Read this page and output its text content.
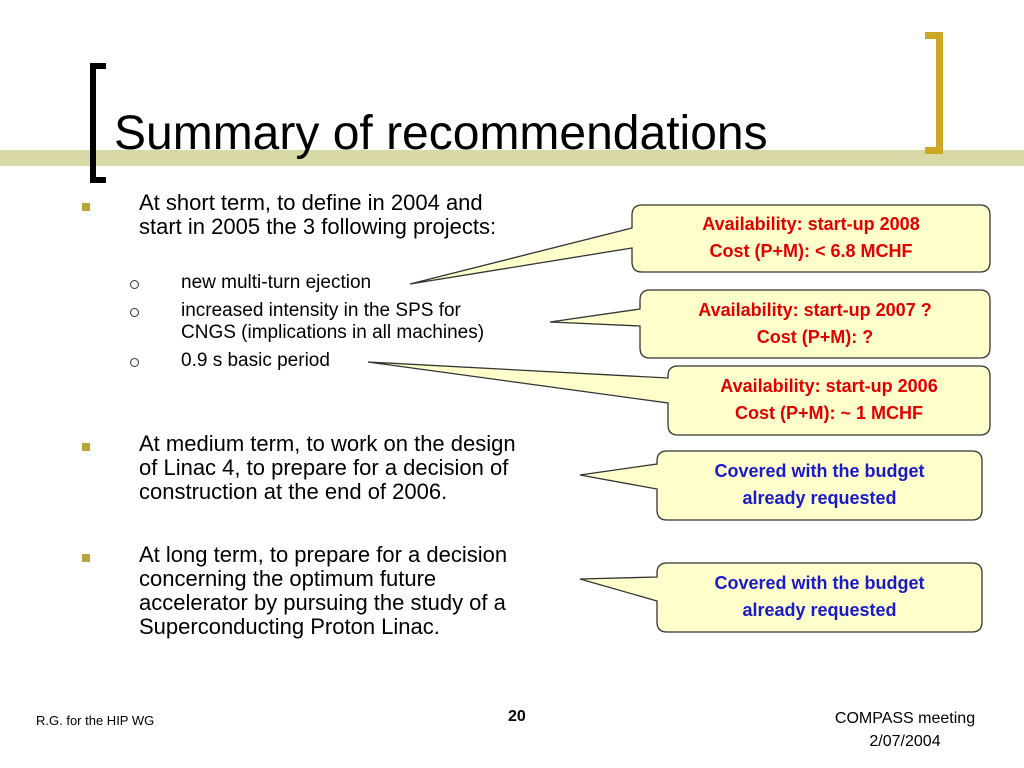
Summary of recommendations
At short term, to define in 2004 and
start in 2005 the 3 following projects:
new multi-turn ejection
increased intensity in the SPS for
CNGS (implications in all machines)
0.9 s basic period
At medium term, to work on the design
of Linac 4, to prepare for a decision of
construction at the end of 2006.
At long term, to prepare for a decision
concerning the optimum future
accelerator by pursuing the study of a
Superconducting Proton Linac.
Availability: start-up 2008
Cost (P+M): < 6.8 MCHF
Availability: start-up 2007 ?
Cost (P+M): ?
Availability: start-up 2006
Cost (P+M): ~ 1 MCHF
Covered with the budget
already requested
Covered with the budget
already requested
R.G. for the HIP WG	20	COMPASS meeting
2/07/2004
